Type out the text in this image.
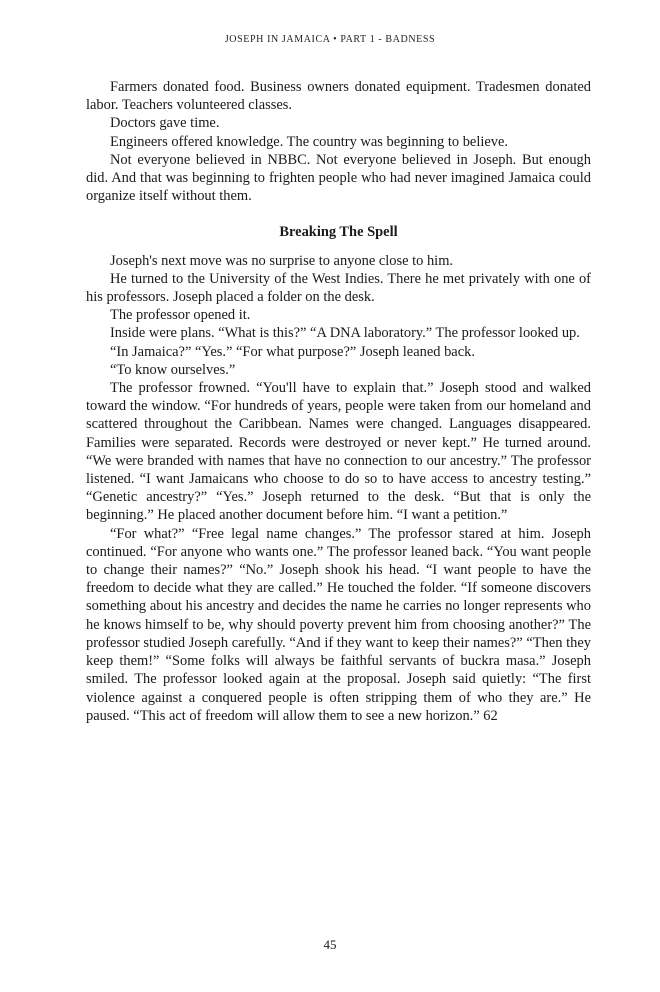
JOSEPH IN JAMAICA • PART 1 - BADNESS

Farmers donated food. Business owners donated equipment. Tradesmen donated labor. Teachers volunteered classes.

Doctors gave time.

Engineers offered knowledge. The country was beginning to believe.

Not everyone believed in NBBC. Not everyone believed in Joseph. But enough did. And that was beginning to frighten people who had never imagined Jamaica could organize itself without them.

Breaking The Spell

Joseph's next move was no surprise to anyone close to him.

He turned to the University of the West Indies. There he met privately with one of his professors. Joseph placed a folder on the desk.

The professor opened it.

Inside were plans. “What is this?” “A DNA laboratory.” The professor looked up.

“In Jamaica?” “Yes.” “For what purpose?” Joseph leaned back.

“To know ourselves.”

The professor frowned. “You'll have to explain that.” Joseph stood and walked toward the window. “For hundreds of years, people were taken from our homeland and scattered throughout the Caribbean. Names were changed. Languages disappeared. Families were separated. Records were destroyed or never kept.” He turned around. “We were branded with names that have no connection to our ancestry.” The professor listened. “I want Jamaicans who choose to do so to have access to ancestry testing.” “Genetic ancestry?” “Yes.” Joseph returned to the desk. “But that is only the beginning.” He placed another document before him. “I want a petition.”

“For what?” “Free legal name changes.” The professor stared at him. Joseph continued. “For anyone who wants one.” The professor leaned back. “You want people to change their names?” “No.” Joseph shook his head. “I want people to have the freedom to decide what they are called.” He touched the folder. “If someone discovers something about his ancestry and decides the name he carries no longer represents who he knows himself to be, why should poverty prevent him from choosing another?” The professor studied Joseph carefully. “And if they want to keep their names?” “Then they keep them!” “Some folks will always be faithful servants of buckra masa.” Joseph smiled. The professor looked again at the proposal. Joseph said quietly: “The first violence against a conquered people is often stripping them of who they are.” He paused. “This act of freedom will allow them to see a new horizon.” 62

45
